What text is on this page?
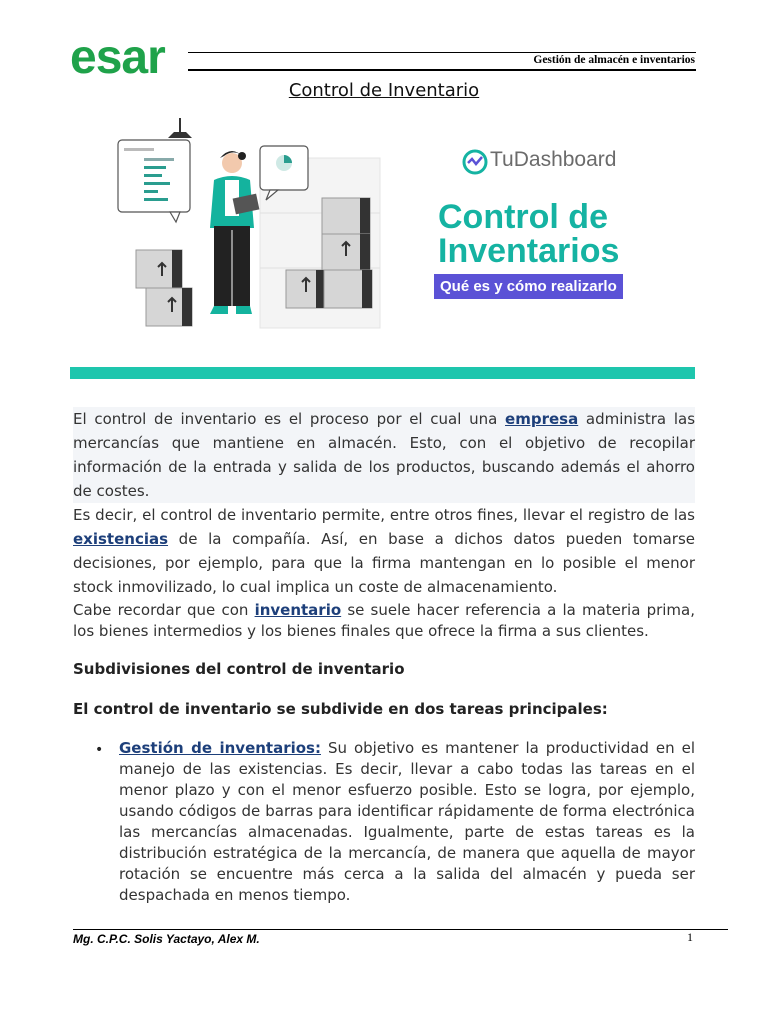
esar	Gestión de almacén e inventarios
Control de Inventario
TuDashboard
Control de
Inventarios
Qué es y cómo realizarlo
El control de inventario es el proceso por el cual una empresa administra las mercancías que mantiene en almacén. Esto, con el objetivo de recopilar información de la entrada y salida de los productos, buscando además el ahorro de costes.
Es decir, el control de inventario permite, entre otros fines, llevar el registro de las existencias de la compañía. Así, en base a dichos datos pueden tomarse decisiones, por ejemplo, para que la firma mantengan en lo posible el menor stock inmovilizado, lo cual implica un coste de almacenamiento.
Cabe recordar que con inventario se suele hacer referencia a la materia prima, los bienes intermedios y los bienes finales que ofrece la firma a sus clientes.
Subdivisiones del control de inventario
El control de inventario se subdivide en dos tareas principales:
• Gestión de inventarios: Su objetivo es mantener la productividad en el manejo de las existencias. Es decir, llevar a cabo todas las tareas en el menor plazo y con el menor esfuerzo posible. Esto se logra, por ejemplo, usando códigos de barras para identificar rápidamente de forma electrónica las mercancías almacenadas. Igualmente, parte de estas tareas es la distribución estratégica de la mercancía, de manera que aquella de mayor rotación se encuentre más cerca a la salida del almacén y pueda ser despachada en menos tiempo.
Mg. C.P.C. Solis Yactayo, Alex M.	1
